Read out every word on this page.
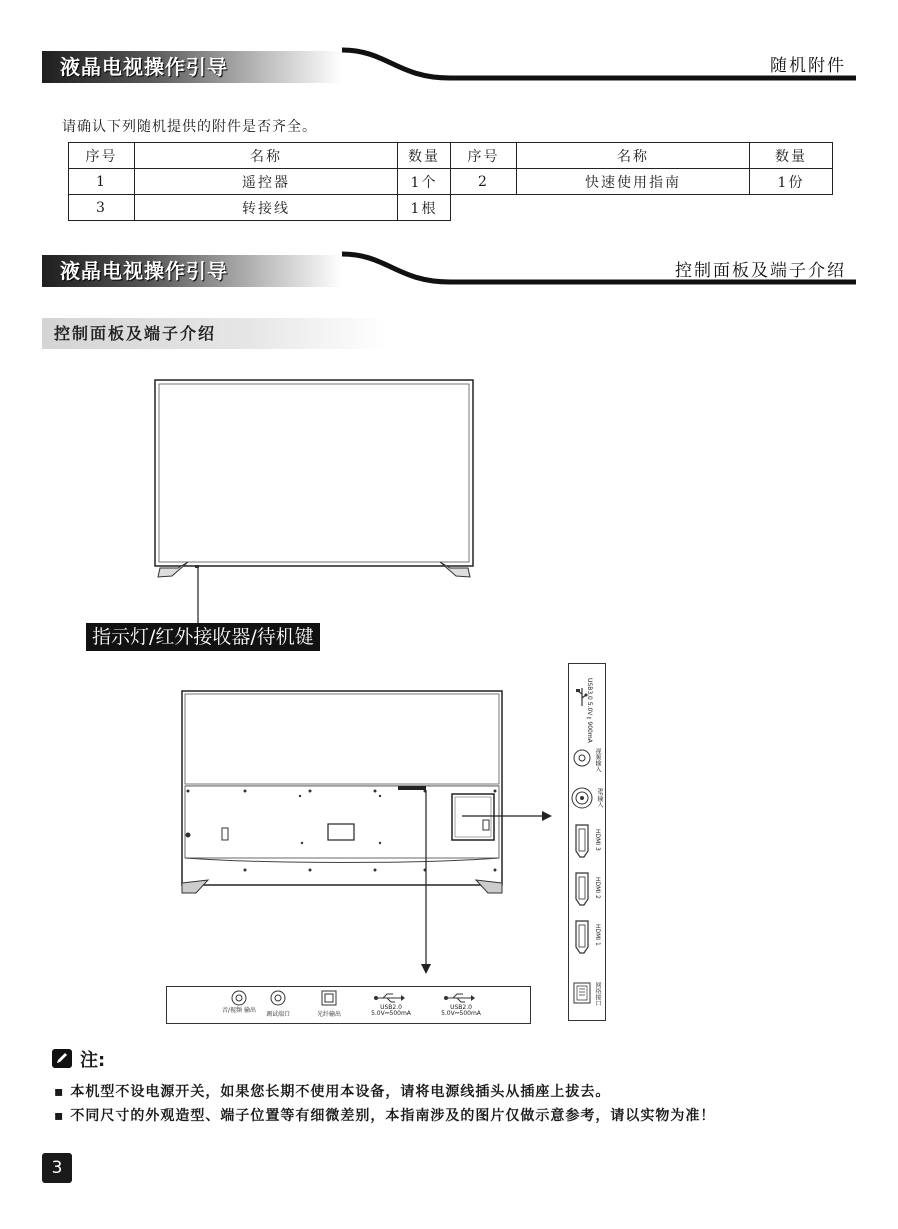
液晶电视操作引导	随机附件
请确认下列随机提供的附件是否齐全。
序号	名称	数量	序号	名称	数量
1	遥控器	1个	2	快速使用指南	1份
3	转接线	1根			
液晶电视操作引导	控制面板及端子介绍
控制面板及端子介绍
指示灯/红外接收器/待机键
USB3.0 5.0V⎓900mA
视频输入
RF输入
HDMI 3
HDMI 2
HDMI 1
网络接口
音/视频 输出
调试端口	光纤输出
USB2.0 5.0V⎓500mA
USB2.0 5.0V⎓500mA
注:
▪ 本机型不设电源开关，如果您长期不使用本设备，请将电源线插头从插座上拔去。
▪ 不同尺寸的外观造型、端子位置等有细微差别，本指南涉及的图片仅做示意参考，请以实物为准！
3
